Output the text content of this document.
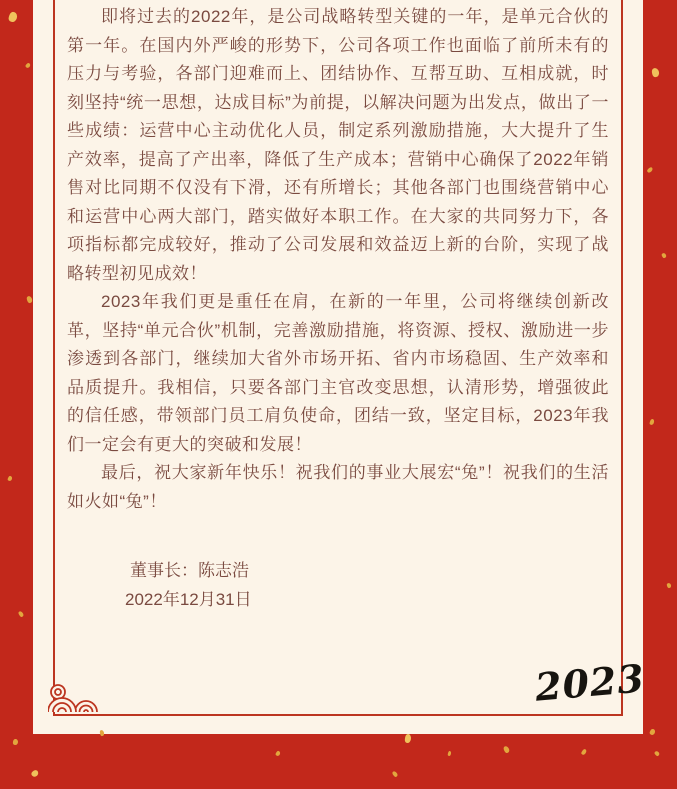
即将过去的2022年，是公司战略转型关键的一年，是单元合伙的第一年。在国内外严峻的形势下，公司各项工作也面临了前所未有的压力与考验，各部门迎难而上、团结协作、互帮互助、互相成就，时刻坚持“统一思想，达成目标”为前提，以解决问题为出发点，做出了一些成绩：运营中心主动优化人员，制定系列激励措施，大大提升了生产效率，提高了产出率，降低了生产成本；营销中心确保了2022年销售对比同期不仅没有下滑，还有所增长；其他各部门也围绕营销中心和运营中心两大部门，踏实做好本职工作。在大家的共同努力下，各项指标都完成较好，推动了公司发展和效益迈上新的台阶，实现了战略转型初见成效！

2023年我们更是重任在肩，在新的一年里，公司将继续创新改革，坚持“单元合伙”机制，完善激励措施，将资源、授权、激励进一步渗透到各部门，继续加大省外市场开拓、省内市场稳固、生产效率和品质提升。我相信，只要各部门主官改变思想，认清形势，增强彼此的信任感，带领部门员工肩负使命，团结一致，坚定目标，2023年我们一定会有更大的突破和发展！

最后，祝大家新年快乐！祝我们的事业大展宏“兔”！祝我们的生活如火如“兔”！

董事长：陈志浩
2022年12月31日
2023
